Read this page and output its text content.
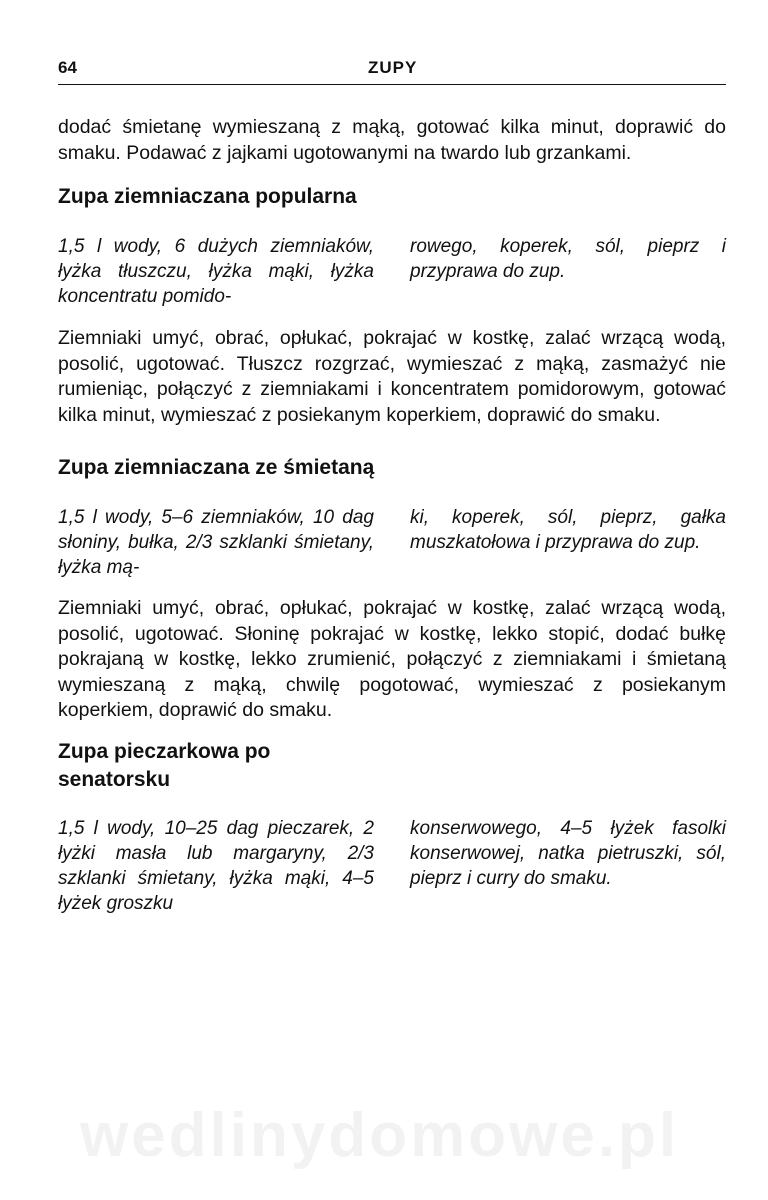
64	ZUPY

dodać śmietanę wymieszaną z mąką, gotować kilka minut, doprawić do smaku. Podawać z jajkami ugotowanymi na twardo lub grzankami.

Zupa ziemniaczana popularna
1,5 l wody, 6 dużych ziemniaków, łyżka tłuszczu, łyżka mąki, łyżka koncentratu pomido-
rowego, koperek, sól, pieprz i przyprawa do zup.

Ziemniaki umyć, obrać, opłukać, pokrajać w kostkę, zalać wrzącą wodą, posolić, ugotować. Tłuszcz rozgrzać, wymieszać z mąką, zasmażyć nie rumieniąc, połączyć z ziemniakami i koncentratem pomidorowym, gotować kilka minut, wymieszać z posiekanym koperkiem, doprawić do smaku.

Zupa ziemniaczana ze śmietaną
1,5 l wody, 5–6 ziemniaków, 10 dag słoniny, bułka, 2/3 szklanki śmietany, łyżka mą-
ki, koperek, sól, pieprz, gałka muszkatołowa i przyprawa do zup.

Ziemniaki umyć, obrać, opłukać, pokrajać w kostkę, zalać wrzącą wodą, posolić, ugotować. Słoninę pokrajać w kostkę, lekko stopić, dodać bułkę pokrajaną w kostkę, lekko zrumienić, połączyć z ziemniakami i śmietaną wymieszaną z mąką, chwilę pogotować, wymieszać z posiekanym koperkiem, doprawić do smaku.

Zupa pieczarkowa po senatorsku
1,5 l wody, 10–25 dag pieczarek, 2 łyżki masła lub margaryny, 2/3 szklanki śmietany, łyżka mąki, 4–5 łyżek groszku
konserwowego, 4–5 łyżek fasolki konserwowej, natka pietruszki, sól, pieprz i curry do smaku.
wedlinydomowe.pl
